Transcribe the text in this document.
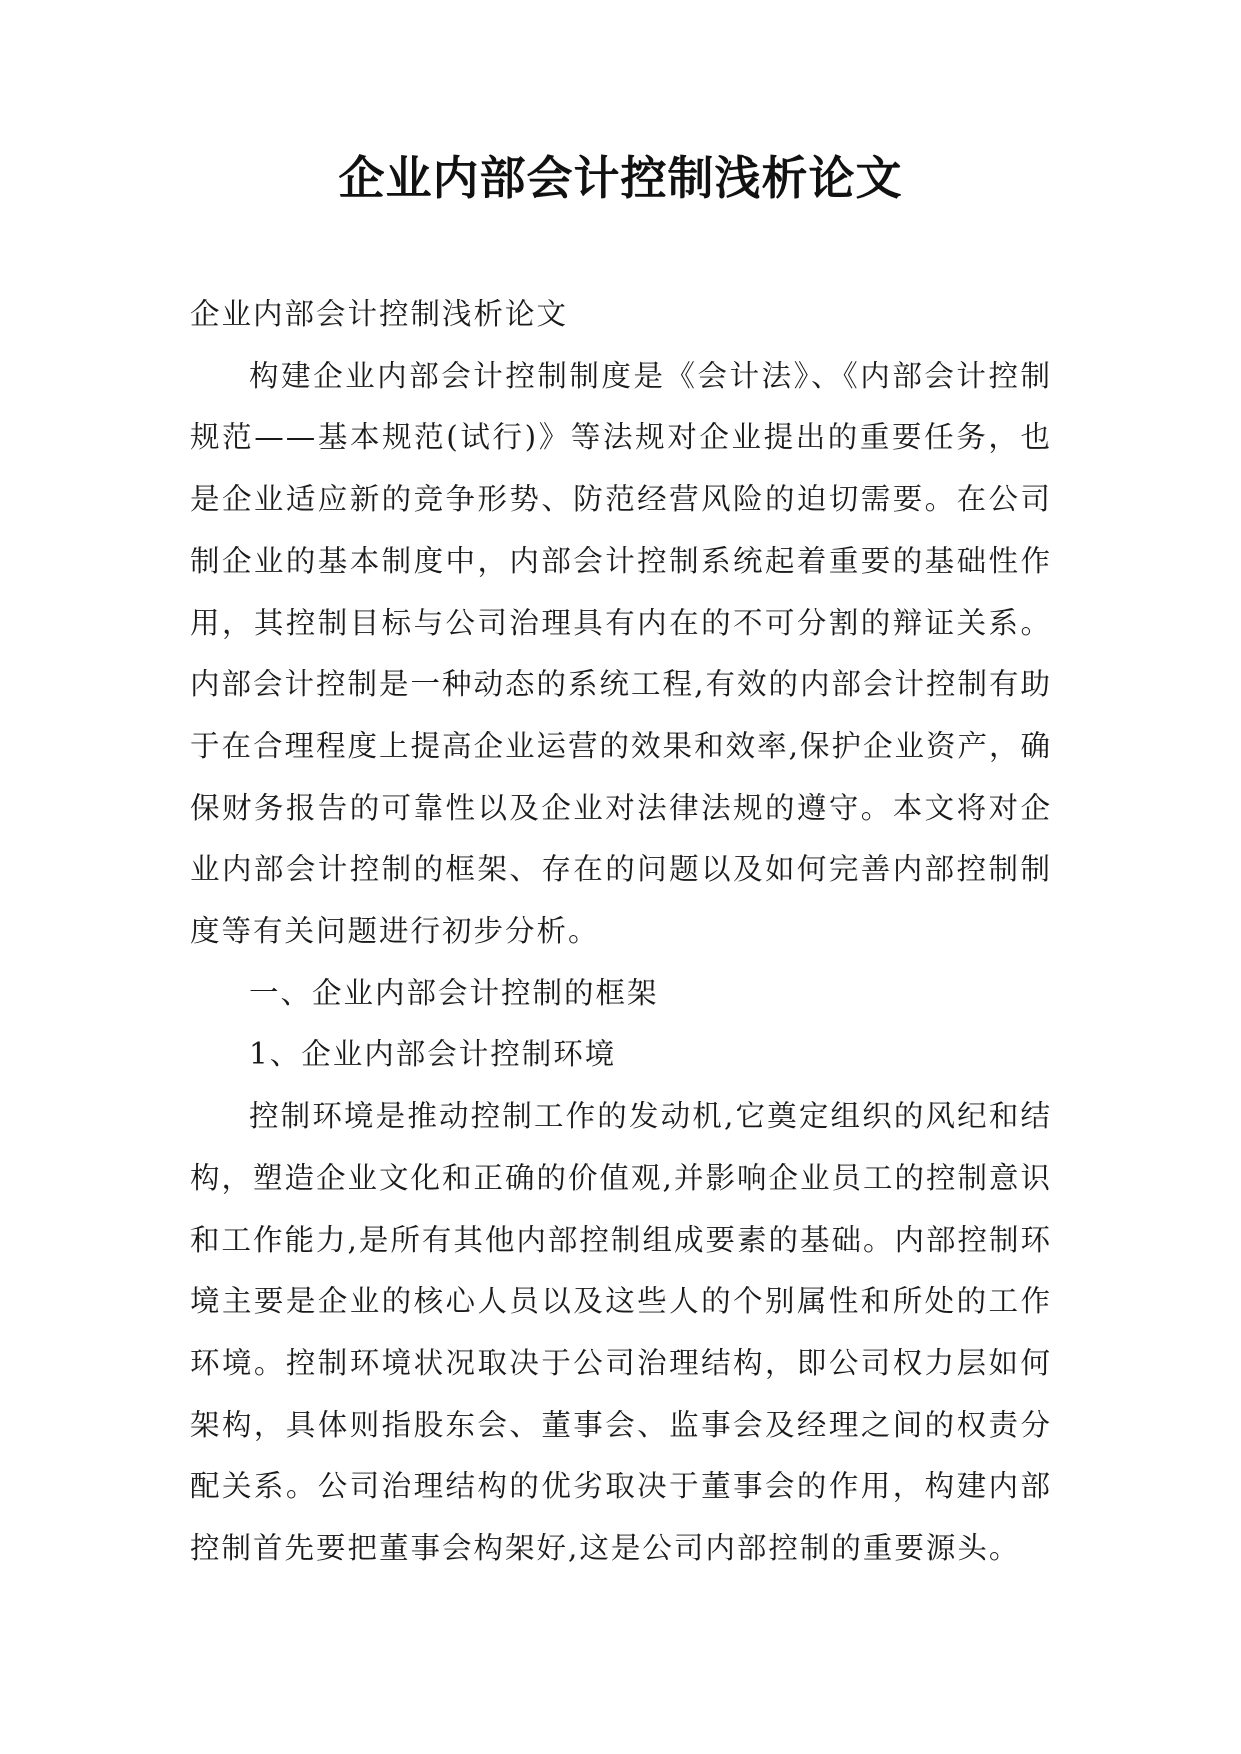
企业内部会计控制浅析论文

企业内部会计控制浅析论文

构建企业内部会计控制制度是《会计法》、《内部会计控制规范——基本规范(试行)》等法规对企业提出的重要任务，也是企业适应新的竞争形势、防范经营风险的迫切需要。在公司制企业的基本制度中，内部会计控制系统起着重要的基础性作用，其控制目标与公司治理具有内在的不可分割的辩证关系。内部会计控制是一种动态的系统工程,有效的内部会计控制有助于在合理程度上提高企业运营的效果和效率,保护企业资产，确保财务报告的可靠性以及企业对法律法规的遵守。本文将对企业内部会计控制的框架、存在的问题以及如何完善内部控制制度等有关问题进行初步分析。

一、企业内部会计控制的框架

1、企业内部会计控制环境

控制环境是推动控制工作的发动机,它奠定组织的风纪和结构，塑造企业文化和正确的价值观,并影响企业员工的控制意识和工作能力,是所有其他内部控制组成要素的基础。内部控制环境主要是企业的核心人员以及这些人的个别属性和所处的工作环境。控制环境状况取决于公司治理结构，即公司权力层如何架构，具体则指股东会、董事会、监事会及经理之间的权责分配关系。公司治理结构的优劣取决于董事会的作用，构建内部控制首先要把董事会构架好,这是公司内部控制的重要源头。
